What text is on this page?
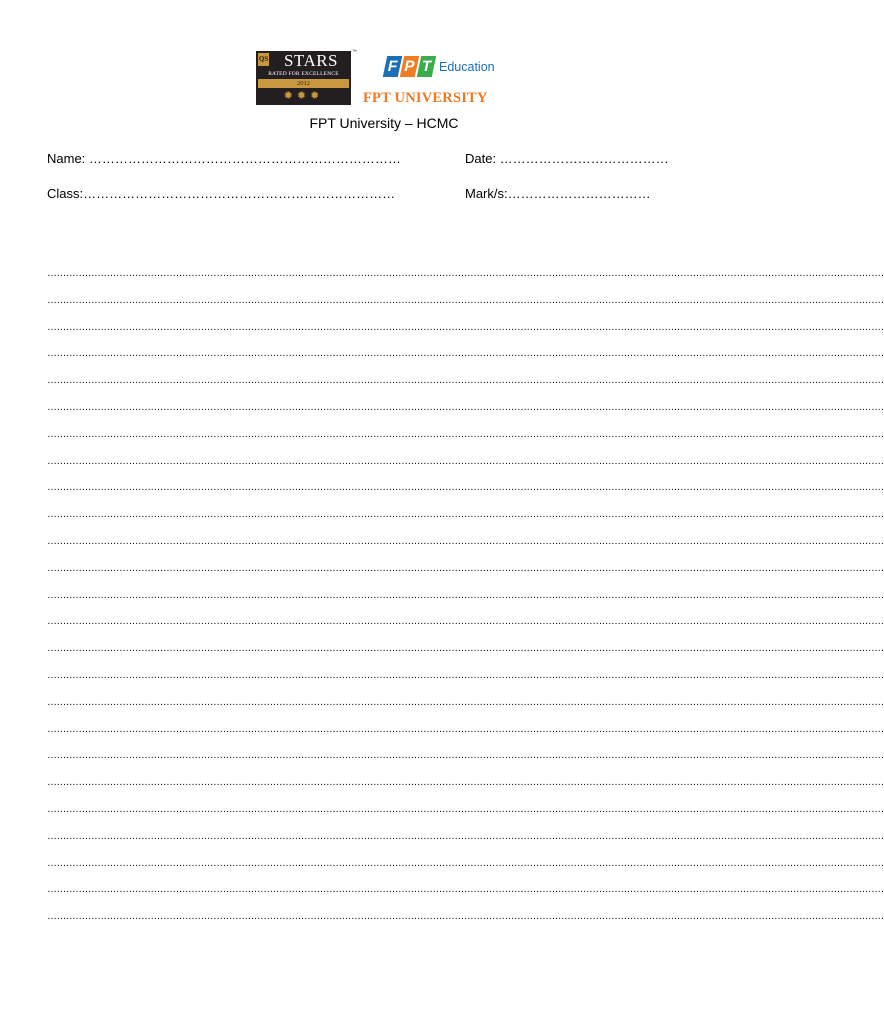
QS STARS
RATED FOR EXCELLENCE
2012
✹✹✹
™
F P T Education
FPT UNIVERSITY
FPT University – HCMC
Name: ………………………………………………………………	Date: …………………………………
Class:………………………………………………………………	Mark/s:……………………………
……………………………………………………………………………………………………………………………………………………………………………………………………………………………………………
……………………………………………………………………………………………………………………………………………………………………………………………………………………………………………
……………………………………………………………………………………………………………………………………………………………………………………………………………………………………………
……………………………………………………………………………………………………………………………………………………………………………………………………………………………………………
……………………………………………………………………………………………………………………………………………………………………………………………………………………………………………
……………………………………………………………………………………………………………………………………………………………………………………………………………………………………………
……………………………………………………………………………………………………………………………………………………………………………………………………………………………………………
……………………………………………………………………………………………………………………………………………………………………………………………………………………………………………
……………………………………………………………………………………………………………………………………………………………………………………………………………………………………………
……………………………………………………………………………………………………………………………………………………………………………………………………………………………………………
……………………………………………………………………………………………………………………………………………………………………………………………………………………………………………
……………………………………………………………………………………………………………………………………………………………………………………………………………………………………………
……………………………………………………………………………………………………………………………………………………………………………………………………………………………………………
……………………………………………………………………………………………………………………………………………………………………………………………………………………………………………
……………………………………………………………………………………………………………………………………………………………………………………………………………………………………………
……………………………………………………………………………………………………………………………………………………………………………………………………………………………………………
……………………………………………………………………………………………………………………………………………………………………………………………………………………………………………
……………………………………………………………………………………………………………………………………………………………………………………………………………………………………………
……………………………………………………………………………………………………………………………………………………………………………………………………………………………………………
……………………………………………………………………………………………………………………………………………………………………………………………………………………………………………
……………………………………………………………………………………………………………………………………………………………………………………………………………………………………………
……………………………………………………………………………………………………………………………………………………………………………………………………………………………………………
……………………………………………………………………………………………………………………………………………………………………………………………………………………………………………
……………………………………………………………………………………………………………………………………………………………………………………………………………………………………………
……………………………………………………………………………………………………………………………………………………………………………………………………………………………………………
